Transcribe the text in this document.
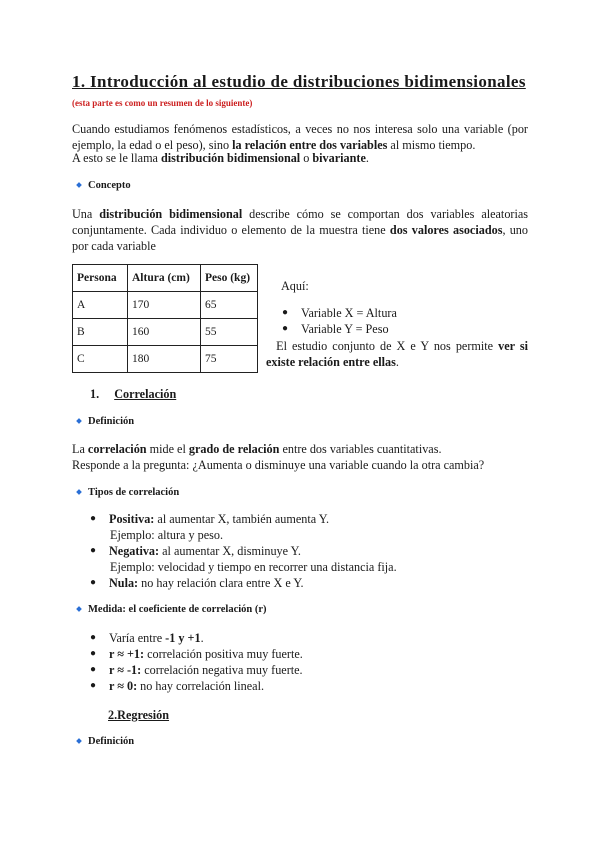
1. Introducción al estudio de distribuciones bidimensionales (esta parte es como un resumen de lo siguiente)
Cuando estudiamos fenómenos estadísticos, a veces no nos interesa solo una variable (por ejemplo, la edad o el peso), sino la relación entre dos variables al mismo tiempo.
A esto se le llama distribución bidimensional o bivariante.
Concepto
Una distribución bidimensional describe cómo se comportan dos variables aleatorias conjuntamente. Cada individuo o elemento de la muestra tiene dos valores asociados, uno por cada variable
Persona	Altura (cm)	Peso (kg)
A	170	65
B	160	55
C	180	75
Aquí:
● Variable X = Altura
● Variable Y = Peso
El estudio conjunto de X e Y nos permite ver si existe relación entre ellas.
1. Correlación
Definición
La correlación mide el grado de relación entre dos variables cuantitativas.
Responde a la pregunta: ¿Aumenta o disminuye una variable cuando la otra cambia?
Tipos de correlación
● Positiva: al aumentar X, también aumenta Y.
Ejemplo: altura y peso.
● Negativa: al aumentar X, disminuye Y.
Ejemplo: velocidad y tiempo en recorrer una distancia fija.
● Nula: no hay relación clara entre X e Y.
Medida: el coeficiente de correlación (r)
● Varía entre -1 y +1.
● r ≈ +1: correlación positiva muy fuerte.
● r ≈ -1: correlación negativa muy fuerte.
● r ≈ 0: no hay correlación lineal.
2.Regresión
Definición
